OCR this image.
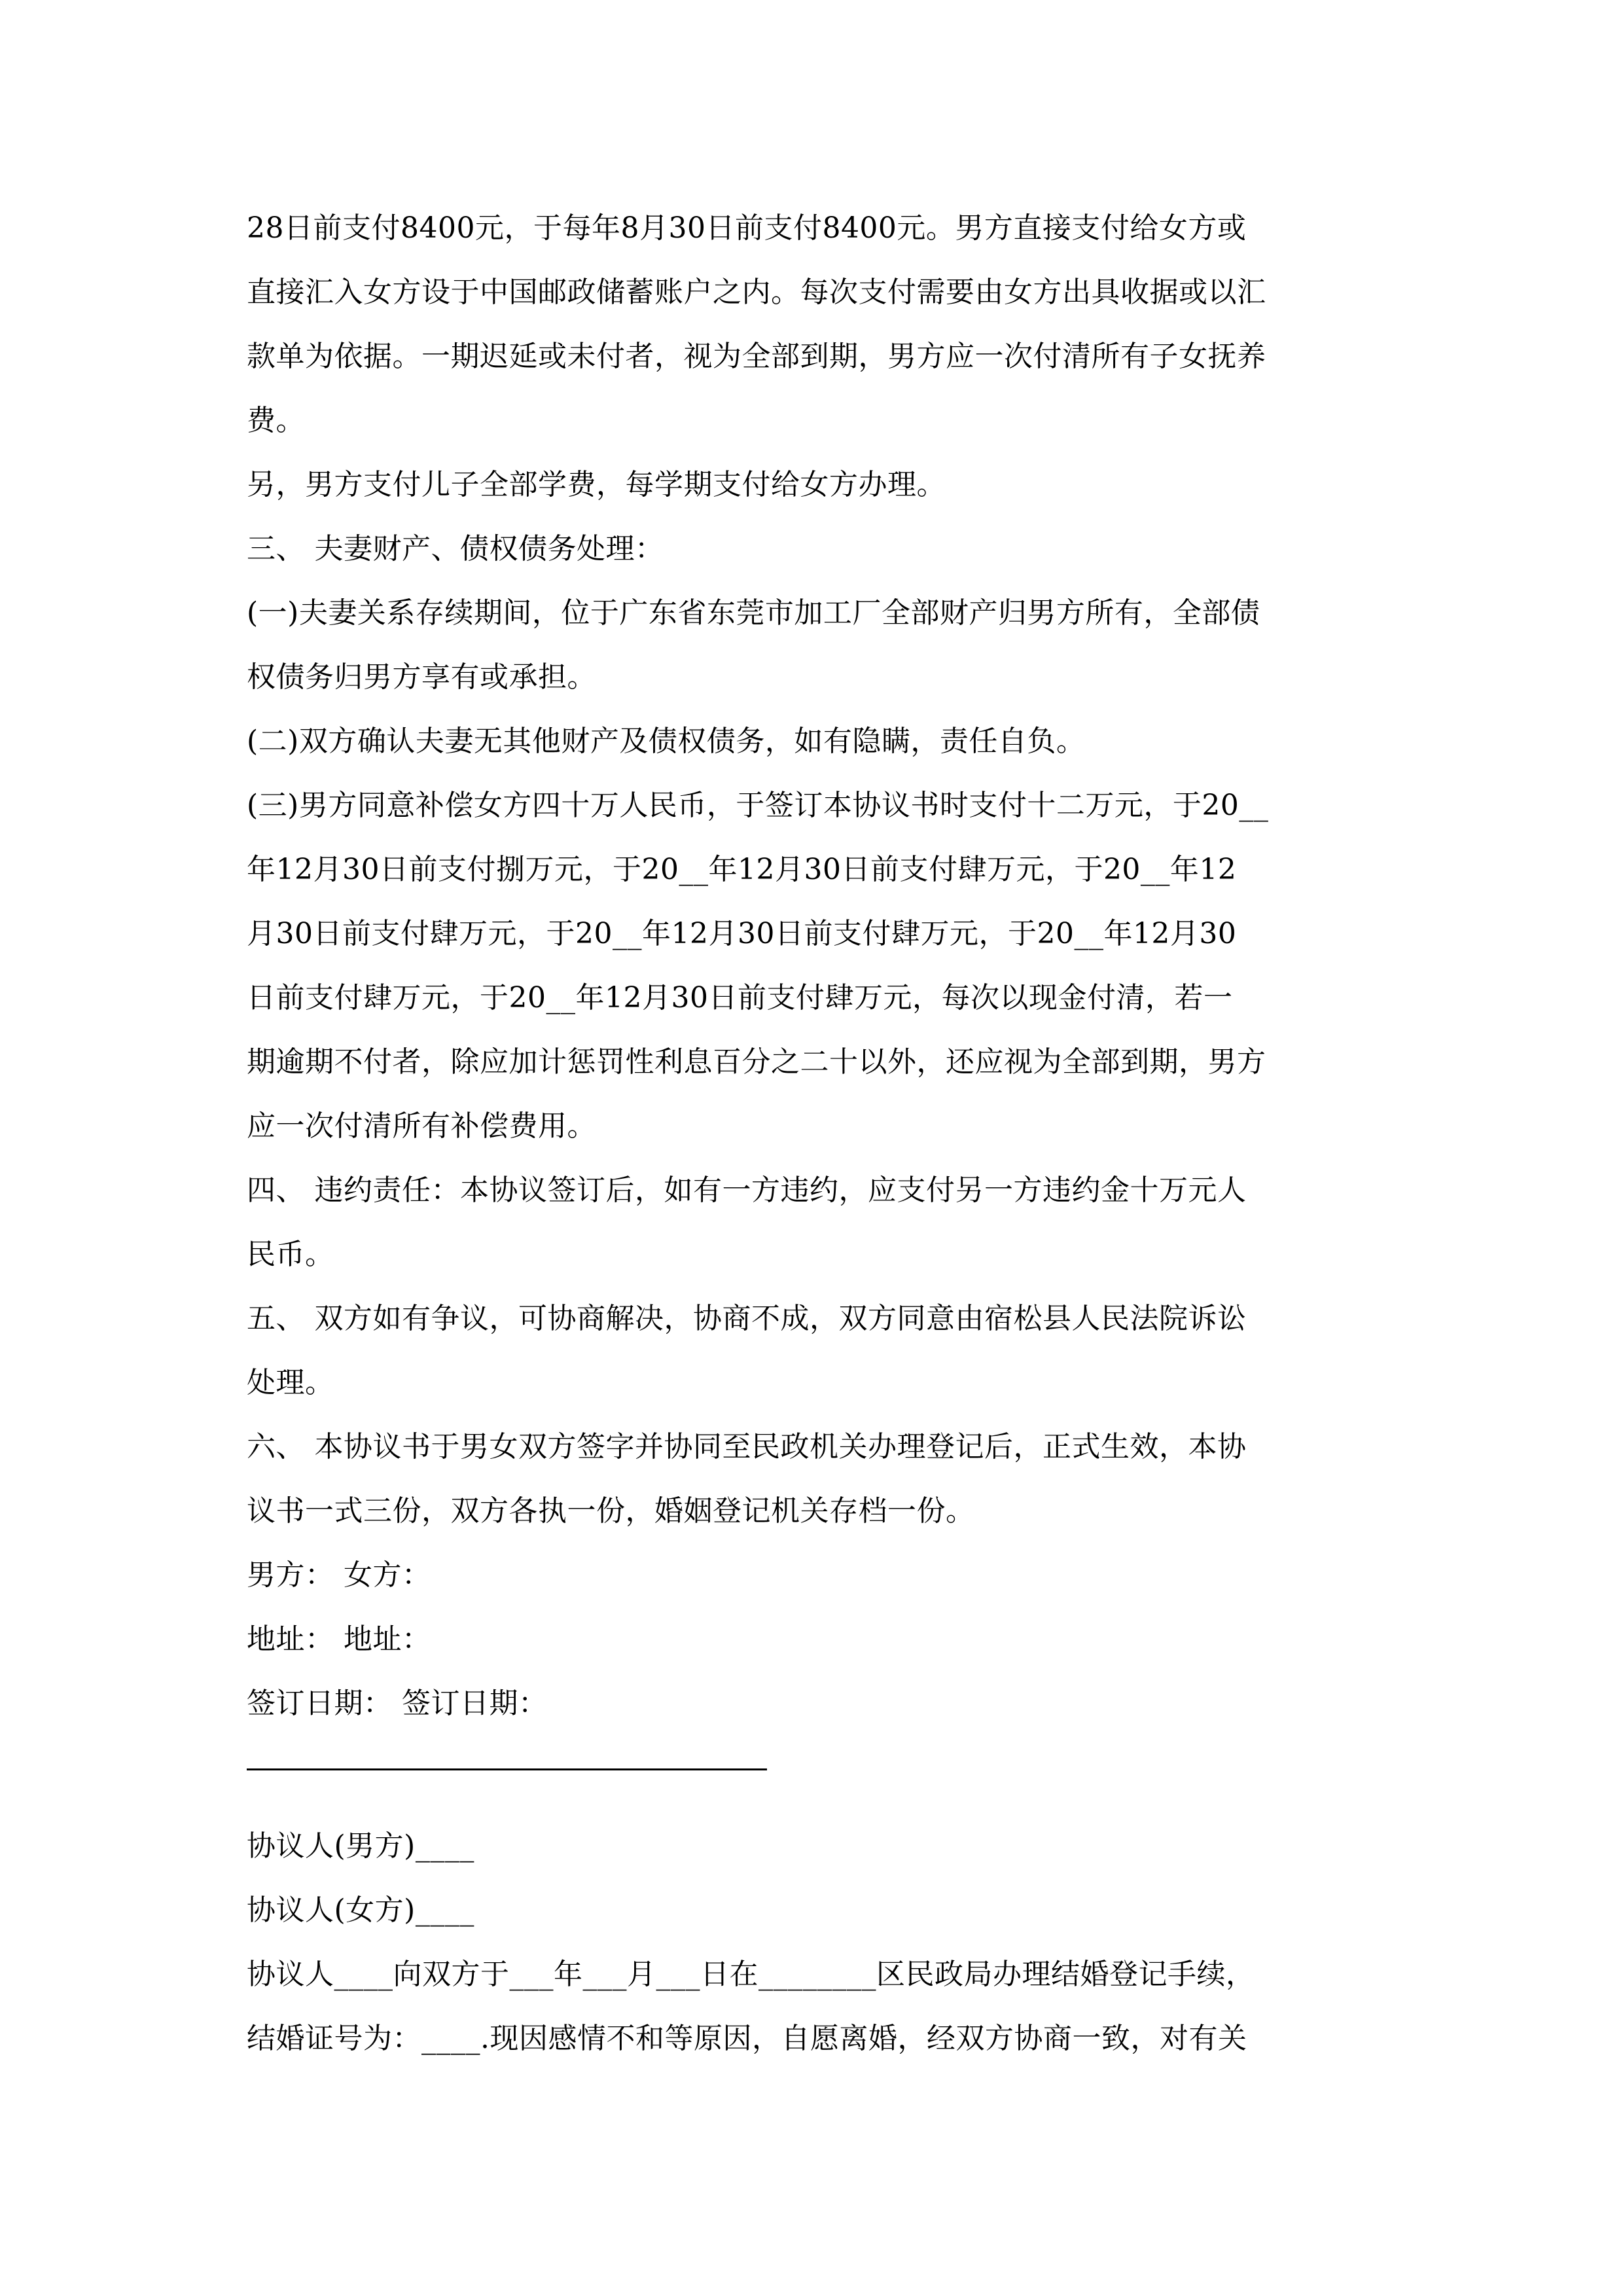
28日前支付8400元，于每年8月30日前支付8400元。男方直接支付给女方或
直接汇入女方设于中国邮政储蓄账户之内。每次支付需要由女方出具收据或以汇
款单为依据。一期迟延或未付者，视为全部到期，男方应一次付清所有子女抚养
费。
另，男方支付儿子全部学费，每学期支付给女方办理。
三、 夫妻财产、债权债务处理：
(一)夫妻关系存续期间，位于广东省东莞市加工厂全部财产归男方所有，全部债
权债务归男方享有或承担。
(二)双方确认夫妻无其他财产及债权债务，如有隐瞒，责任自负。
(三)男方同意补偿女方四十万人民币，于签订本协议书时支付十二万元，于20__
年12月30日前支付捌万元，于20__年12月30日前支付肆万元，于20__年12
月30日前支付肆万元，于20__年12月30日前支付肆万元，于20__年12月30
日前支付肆万元，于20__年12月30日前支付肆万元，每次以现金付清，若一
期逾期不付者，除应加计惩罚性利息百分之二十以外，还应视为全部到期，男方
应一次付清所有补偿费用。
四、 违约责任：本协议签订后，如有一方违约，应支付另一方违约金十万元人
民币。
五、 双方如有争议，可协商解决，协商不成，双方同意由宿松县人民法院诉讼
处理。
六、 本协议书于男女双方签字并协同至民政机关办理登记后，正式生效，本协
议书一式三份，双方各执一份，婚姻登记机关存档一份。
男方： 女方：
地址： 地址：
签订日期： 签订日期：
协议人(男方)____
协议人(女方)____
协议人____向双方于___年___月___日在________区民政局办理结婚登记手续，
结婚证号为：____.现因感情不和等原因，自愿离婚，经双方协商一致，对有关
